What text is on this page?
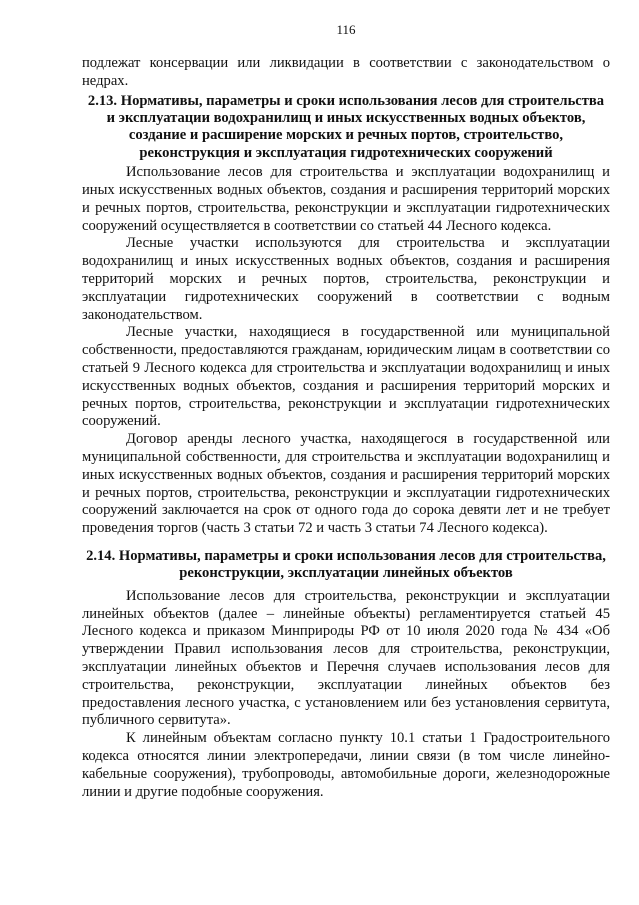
116

подлежат консервации или ликвидации в соответствии с законодательством о недрах.

2.13. Нормативы, параметры и сроки использования лесов для строительства и эксплуатации водохранилищ и иных искусственных водных объектов, создание и расширение морских и речных портов, строительство, реконструкция и эксплуатация гидротехнических сооружений

Использование лесов для строительства и эксплуатации водохранилищ и иных искусственных водных объектов, создания и расширения территорий морских и речных портов, строительства, реконструкции и эксплуатации гидротехнических сооружений осуществляется в соответствии со статьей 44 Лесного кодекса.

Лесные участки используются для строительства и эксплуатации водохранилищ и иных искусственных водных объектов, создания и расширения территорий морских и речных портов, строительства, реконструкции и эксплуатации гидротехнических сооружений в соответствии с водным законодательством.

Лесные участки, находящиеся в государственной или муниципальной собственности, предоставляются гражданам, юридическим лицам в соответствии со статьей 9 Лесного кодекса для строительства и эксплуатации водохранилищ и иных искусственных водных объектов, создания и расширения территорий морских и речных портов, строительства, реконструкции и эксплуатации гидротехнических сооружений.

Договор аренды лесного участка, находящегося в государственной или муниципальной собственности, для строительства и эксплуатации водохранилищ и иных искусственных водных объектов, создания и расширения территорий морских и речных портов, строительства, реконструкции и эксплуатации гидротехнических сооружений заключается на срок от одного года до сорока девяти лет и не требует проведения торгов (часть 3 статьи 72 и часть 3 статьи 74 Лесного кодекса).

2.14. Нормативы, параметры и сроки использования лесов для строительства, реконструкции, эксплуатации линейных объектов

Использование лесов для строительства, реконструкции и эксплуатации линейных объектов (далее – линейные объекты) регламентируется статьей 45 Лесного кодекса и приказом Минприроды РФ от 10 июля 2020 года № 434 «Об утверждении Правил использования лесов для строительства, реконструкции, эксплуатации линейных объектов и Перечня случаев использования лесов для строительства, реконструкции, эксплуатации линейных объектов без предоставления лесного участка, с установлением или без установления сервитута, публичного сервитута».

К линейным объектам согласно пункту 10.1 статьи 1 Градостроительного кодекса относятся линии электропередачи, линии связи (в том числе линейно-кабельные сооружения), трубопроводы, автомобильные дороги, железнодорожные линии и другие подобные сооружения.
